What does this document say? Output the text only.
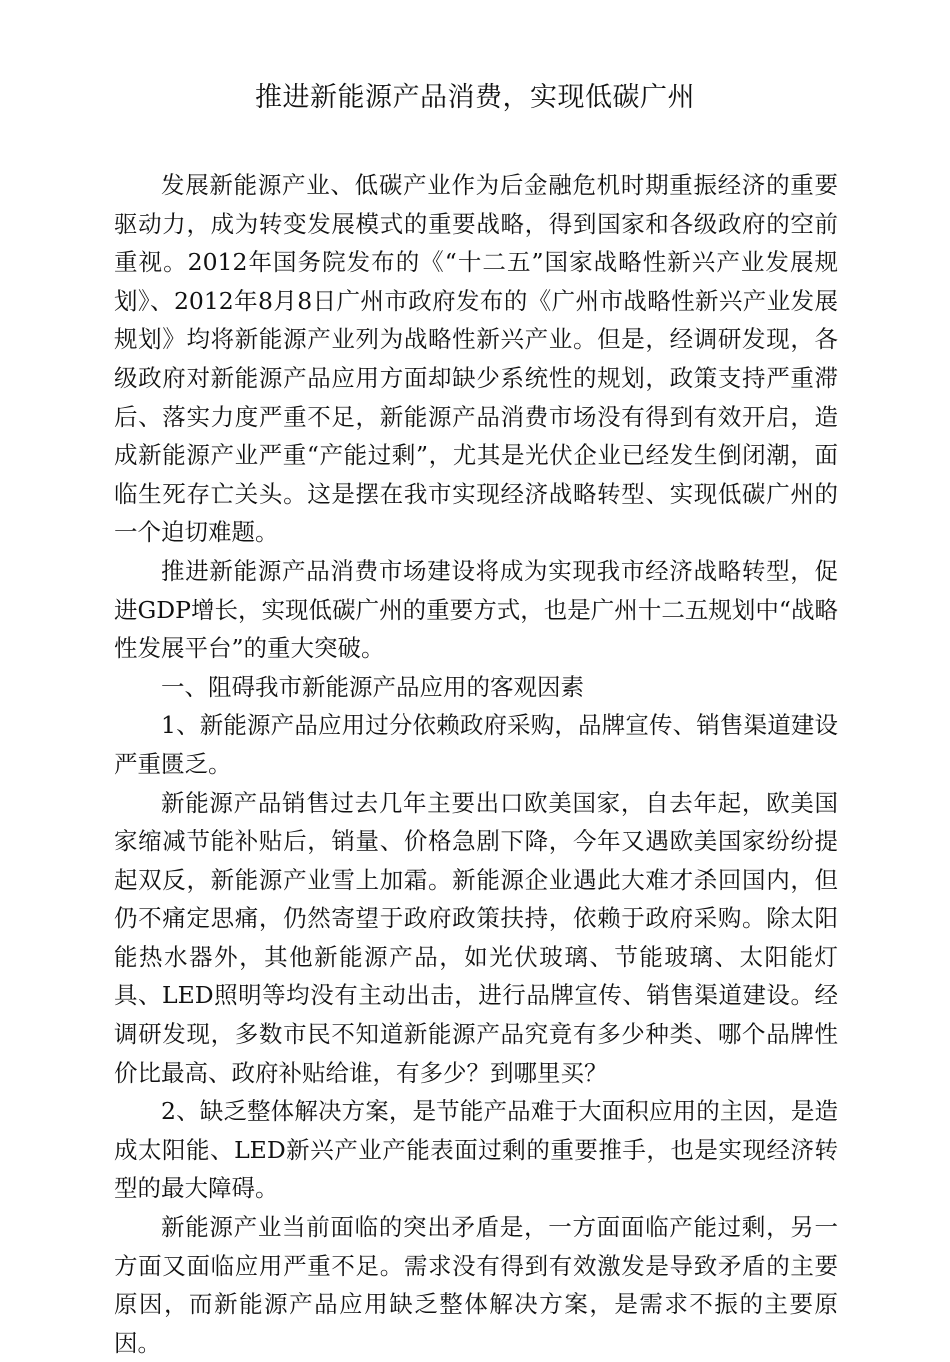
推进新能源产品消费，实现低碳广州

发展新能源产业、低碳产业作为后金融危机时期重振经济的重要驱动力，成为转变发展模式的重要战略，得到国家和各级政府的空前重视。2012年国务院发布的《“十二五”国家战略性新兴产业发展规划》、2012年8月8日广州市政府发布的《广州市战略性新兴产业发展规划》均将新能源产业列为战略性新兴产业。但是，经调研发现，各级政府对新能源产品应用方面却缺少系统性的规划，政策支持严重滞后、落实力度严重不足，新能源产品消费市场没有得到有效开启，造成新能源产业严重“产能过剩”，尤其是光伏企业已经发生倒闭潮，面临生死存亡关头。这是摆在我市实现经济战略转型、实现低碳广州的一个迫切难题。

推进新能源产品消费市场建设将成为实现我市经济战略转型，促进GDP增长，实现低碳广州的重要方式，也是广州十二五规划中“战略性发展平台”的重大突破。

一、阻碍我市新能源产品应用的客观因素

1、新能源产品应用过分依赖政府采购，品牌宣传、销售渠道建设严重匮乏。

新能源产品销售过去几年主要出口欧美国家，自去年起，欧美国家缩减节能补贴后，销量、价格急剧下降，今年又遇欧美国家纷纷提起双反，新能源产业雪上加霜。新能源企业遇此大难才杀回国内，但仍不痛定思痛，仍然寄望于政府政策扶持，依赖于政府采购。除太阳能热水器外，其他新能源产品，如光伏玻璃、节能玻璃、太阳能灯具、LED照明等均没有主动出击，进行品牌宣传、销售渠道建设。经调研发现，多数市民不知道新能源产品究竟有多少种类、哪个品牌性价比最高、政府补贴给谁，有多少？到哪里买？

2、缺乏整体解决方案，是节能产品难于大面积应用的主因，是造成太阳能、LED新兴产业产能表面过剩的重要推手，也是实现经济转型的最大障碍。

新能源产业当前面临的突出矛盾是，一方面面临产能过剩，另一方面又面临应用严重不足。需求没有得到有效激发是导致矛盾的主要原因，而新能源产品应用缺乏整体解决方案，是需求不振的主要原因。
